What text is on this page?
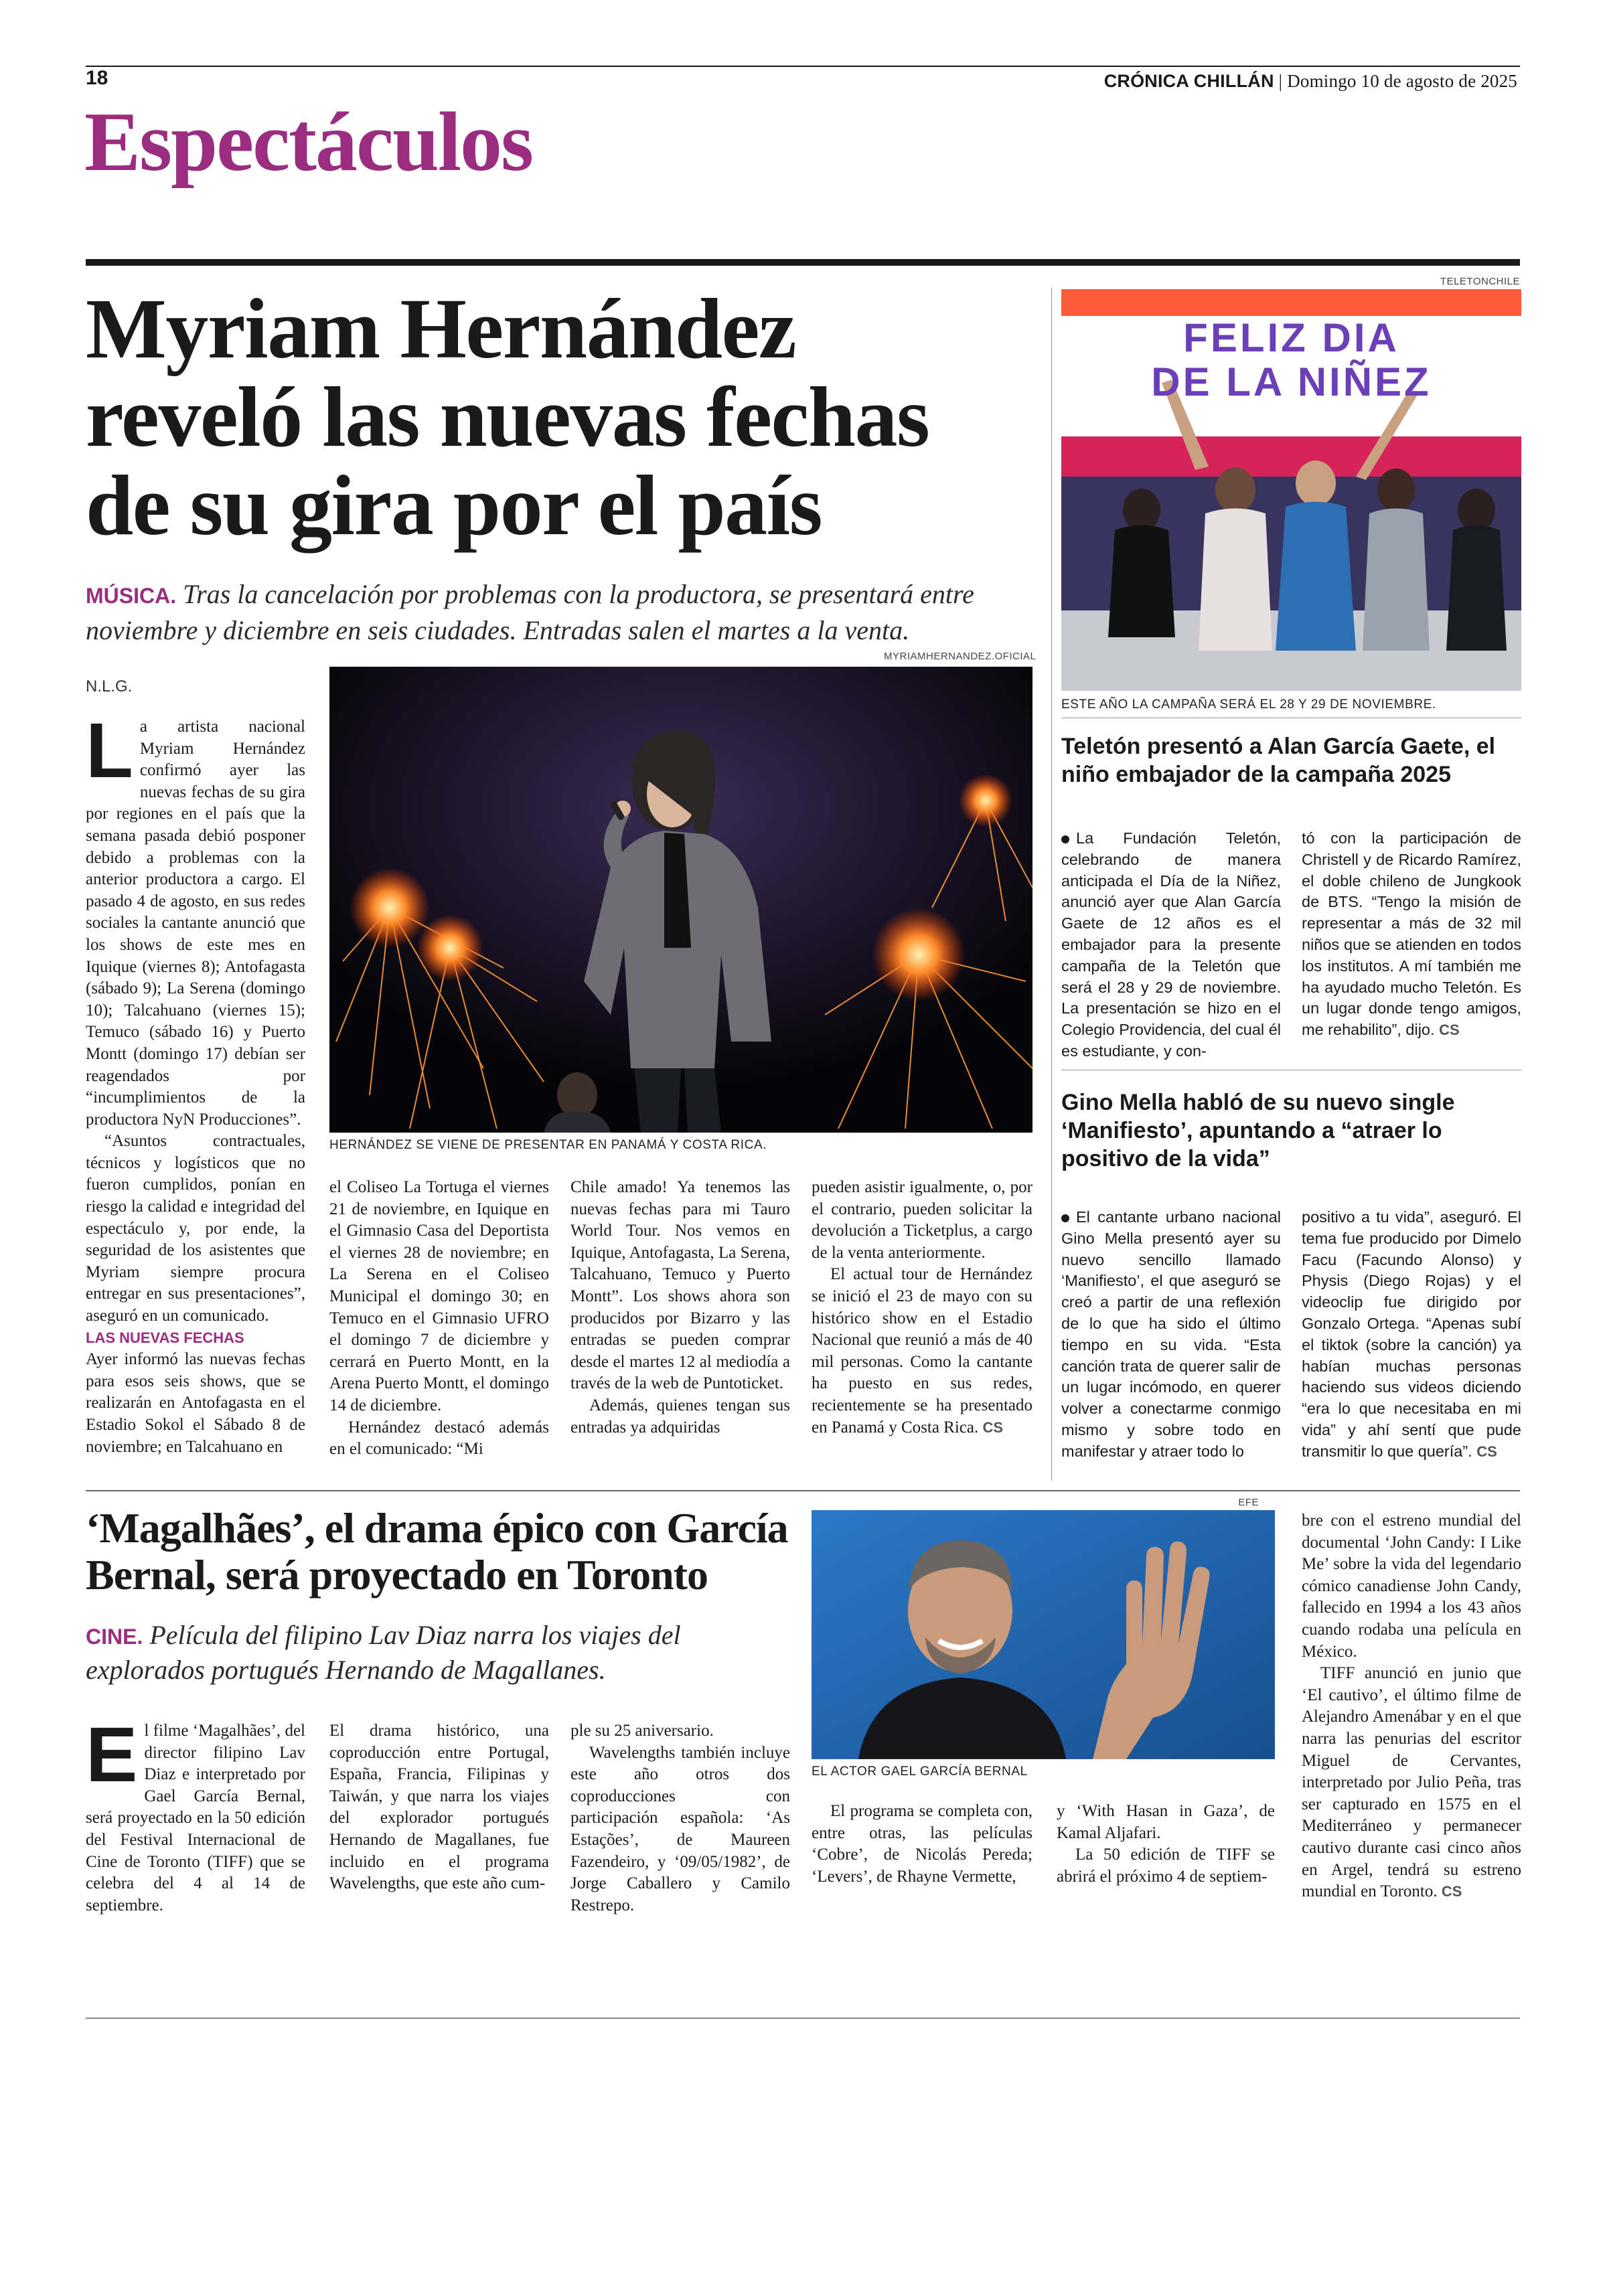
18	CRÓNICA CHILLÁN | Domingo 10 de agosto de 2025
Espectáculos
Myriam Hernández reveló las nuevas fechas de su gira por el país
MÚSICA. Tras la cancelación por problemas con la productora, se presentará entre noviembre y diciembre en seis ciudades. Entradas salen el martes a la venta.
N.L.G.
MYRIAMHERNANDEZ.OFICIAL
HERNÁNDEZ SE VIENE DE PRESENTAR EN PANAMÁ Y COSTA RICA.
L a artista nacional Myriam Hernández confirmó ayer las nuevas fechas de su gira por regiones en el país que la semana pasada debió posponer debido a problemas con la anterior productora a cargo. El pasado 4 de agosto, en sus redes sociales la cantante anunció que los shows de este mes en Iquique (viernes 8); Antofagasta (sábado 9); La Serena (domingo 10); Talcahuano (viernes 15); Temuco (sábado 16) y Puerto Montt (domingo 17) debían ser reagendados por “incumplimientos de la productora NyN Producciones”.

“Asuntos contractuales, técnicos y logísticos que no fueron cumplidos, ponían en riesgo la calidad e integridad del espectáculo y, por ende, la seguridad de los asistentes que Myriam siempre procura entregar en sus presentaciones”, aseguró en un comunicado.

LAS NUEVAS FECHAS

Ayer informó las nuevas fechas para esos seis shows, que se realizarán en Antofagasta en el Estadio Sokol el Sábado 8 de noviembre; en Talcahuano en

el Coliseo La Tortuga el viernes 21 de noviembre, en Iquique en el Gimnasio Casa del Deportista el viernes 28 de noviembre; en La Serena en el Coliseo Municipal el domingo 30; en Temuco en el Gimnasio UFRO el domingo 7 de diciembre y cerrará en Puerto Montt, en la Arena Puerto Montt, el domingo 14 de diciembre.

Hernández destacó además en el comunicado: “Mi

Chile amado! Ya tenemos las nuevas fechas para mi Tauro World Tour. Nos vemos en Iquique, Antofagasta, La Serena, Talcahuano, Temuco y Puerto Montt”. Los shows ahora son producidos por Bizarro y las entradas se pueden comprar desde el martes 12 al mediodía a través de la web de Puntoticket.

Además, quienes tengan sus entradas ya adquiridas

pueden asistir igualmente, o, por el contrario, pueden solicitar la devolución a Ticketplus, a cargo de la venta anteriormente.

El actual tour de Hernández se inició el 23 de mayo con su histórico show en el Estadio Nacional que reunió a más de 40 mil personas. Como la cantante ha puesto en sus redes, recientemente se ha presentado en Panamá y Costa Rica. CS

TELETONCHILE
FELIZ DIA
DE LA NIÑEZ
ESTE AÑO LA CAMPAÑA SERÁ EL 28 Y 29 DE NOVIEMBRE.
Teletón presentó a Alan García Gaete, el niño embajador de la campaña 2025

La Fundación Teletón, celebrando de manera anticipada el Día de la Niñez, anunció ayer que Alan García Gaete de 12 años es el embajador para la presente campaña de la Teletón que será el 28 y 29 de noviembre. La presentación se hizo en el Colegio Providencia, del cual él es estudiante, y con-

tó con la participación de Christell y de Ricardo Ramírez, el doble chileno de Jungkook de BTS. “Tengo la misión de representar a más de 32 mil niños que se atienden en todos los institutos. A mí también me ha ayudado mucho Teletón. Es un lugar donde tengo amigos, me rehabilito”, dijo. CS

Gino Mella habló de su nuevo single ‘Manifiesto’, apuntando a “atraer lo positivo de la vida”

El cantante urbano nacional Gino Mella presentó ayer su nuevo sencillo llamado ‘Manifiesto’, el que aseguró se creó a partir de una reflexión de lo que ha sido el último tiempo en su vida. “Esta canción trata de querer salir de un lugar incómodo, en querer volver a conectarme conmigo mismo y sobre todo en manifestar y atraer todo lo

positivo a tu vida”, aseguró. El tema fue producido por Dimelo Facu (Facundo Alonso) y Physis (Diego Rojas) y el videoclip fue dirigido por Gonzalo Ortega. “Apenas subí el tiktok (sobre la canción) ya habían muchas personas haciendo sus videos diciendo “era lo que necesitaba en mi vida” y ahí sentí que pude transmitir lo que quería”. CS

‘Magalhães’, el drama épico con García Bernal, será proyectado en Toronto
CINE. Película del filipino Lav Diaz narra los viajes del explorados portugués Hernando de Magallanes.
EFE
EL ACTOR GAEL GARCÍA BERNAL
E l filme ‘Magalhães’, del director filipino Lav Diaz e interpretado por Gael García Bernal, será proyectado en la 50 edición del Festival Internacional de Cine de Toronto (TIFF) que se celebra del 4 al 14 de septiembre.

El drama histórico, una coproducción entre Portugal, España, Francia, Filipinas y Taiwán, y que narra los viajes del explorador portugués Hernando de Magallanes, fue incluido en el programa Wavelengths, que este año cum-

ple su 25 aniversario.

Wavelengths también incluye este año otros dos coproducciones con participación española: ‘As Estações’, de Maureen Fazendeiro, y ‘09/05/1982’, de Jorge Caballero y Camilo Restrepo.

El programa se completa con, entre otras, las películas ‘Cobre’, de Nicolás Pereda; ‘Levers’, de Rhayne Vermette,

y ‘With Hasan in Gaza’, de Kamal Aljafari.

La 50 edición de TIFF se abrirá el próximo 4 de septiem-

bre con el estreno mundial del documental ‘John Candy: I Like Me’ sobre la vida del legendario cómico canadiense John Candy, fallecido en 1994 a los 43 años cuando rodaba una película en México.

TIFF anunció en junio que ‘El cautivo’, el último filme de Alejandro Amenábar y en el que narra las penurias del escritor Miguel de Cervantes, interpretado por Julio Peña, tras ser capturado en 1575 en el Mediterráneo y permanecer cautivo durante casi cinco años en Argel, tendrá su estreno mundial en Toronto. CS
